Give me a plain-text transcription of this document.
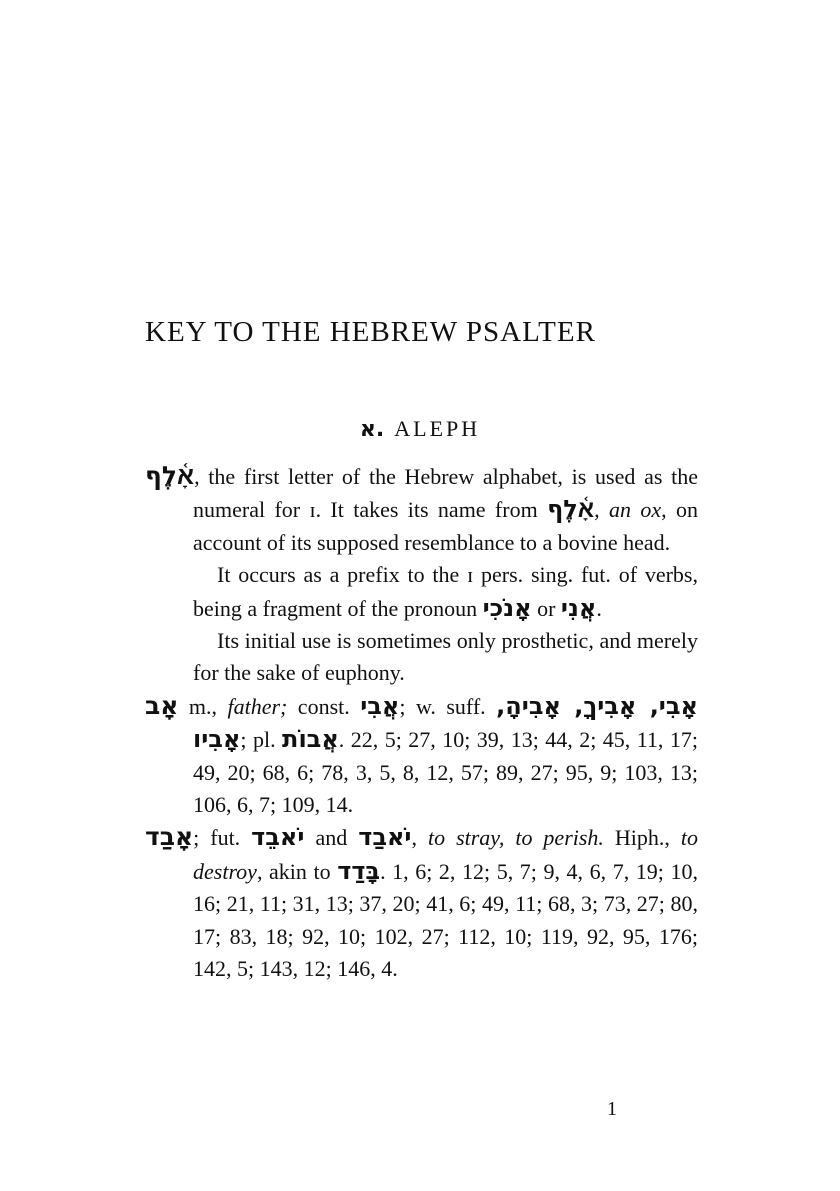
KEY TO THE HEBREW PSALTER
א. ALEPH

אָ֫לֶף, the first letter of the Hebrew alphabet, is used as the numeral for ɪ. It takes its name from אָ֫לֶף, an ox, on account of its supposed resemblance to a bovine head.

It occurs as a prefix to the ɪ pers. sing. fut. of verbs, being a fragment of the pronoun אָנֹכִי or אֲנִי.

Its initial use is sometimes only prosthetic, and merely for the sake of euphony.

אָב m., father; const. אֲבִי; w. suff. אָבִי, אָבִיךָ, אָבִיהָ, אָבִיו; pl. אֲבוֹת. 22, 5; 27, 10; 39, 13; 44, 2; 45, 11, 17; 49, 20; 68, 6; 78, 3, 5, 8, 12, 57; 89, 27; 95, 9; 103, 13; 106, 6, 7; 109, 14.

אָבַד; fut. יֹאבֵד and יֹאבַד, to stray, to perish. Hiph., to destroy, akin to בָּדַד. 1, 6; 2, 12; 5, 7; 9, 4, 6, 7, 19; 10, 16; 21, 11; 31, 13; 37, 20; 41, 6; 49, 11; 68, 3; 73, 27; 80, 17; 83, 18; 92, 10; 102, 27; 112, 10; 119, 92, 95, 176; 142, 5; 143, 12; 146, 4.

1
